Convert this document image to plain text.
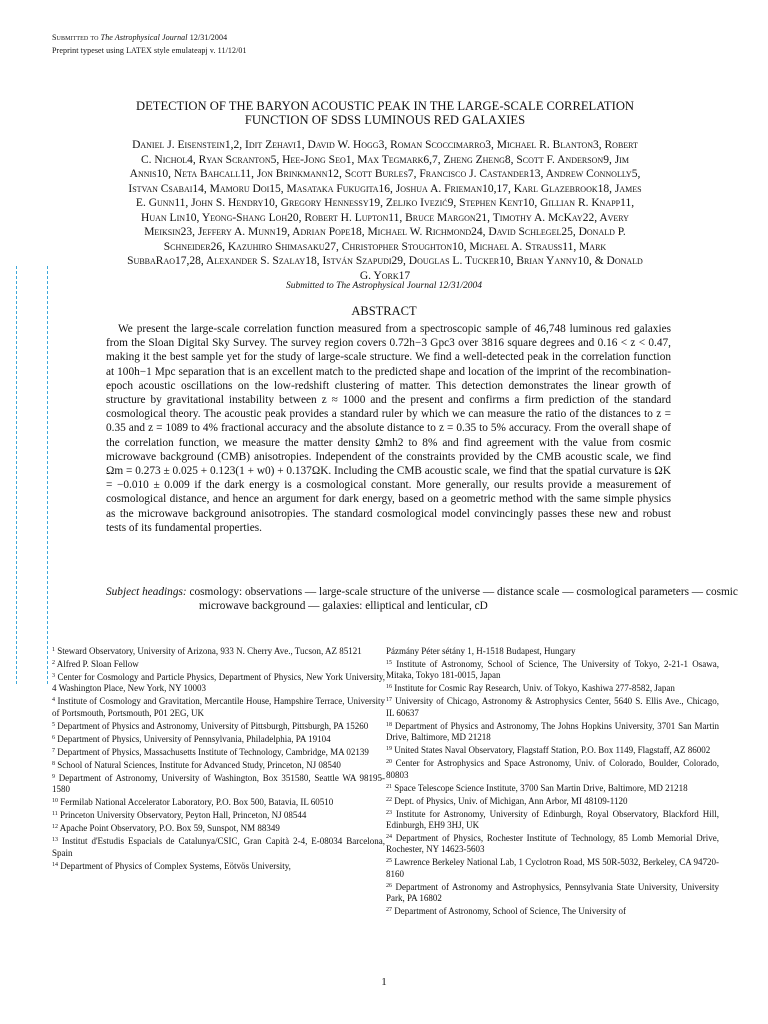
Submitted to The Astrophysical Journal 12/31/2004
Preprint typeset using LATEX style emulateapj v. 11/12/01
DETECTION OF THE BARYON ACOUSTIC PEAK IN THE LARGE-SCALE CORRELATION FUNCTION OF SDSS LUMINOUS RED GALAXIES
Daniel J. Eisenstein1,2, Idit Zehavi1, David W. Hogg3, Roman Scoccimarro3, Michael R. Blanton3, Robert C. Nichol4, Ryan Scranton5, Hee-Jong Seo1, Max Tegmark6,7, Zheng Zheng8, Scott F. Anderson9, Jim Annis10, Neta Bahcall11, Jon Brinkmann12, Scott Burles7, Francisco J. Castander13, Andrew Connolly5, Istvan Csabai14, Mamoru Doi15, Masataka Fukugita16, Joshua A. Frieman10,17, Karl Glazebrook18, James E. Gunn11, John S. Hendry10, Gregory Hennessy19, Zeljko Ivezić9, Stephen Kent10, Gillian R. Knapp11, Huan Lin10, Yeong-Shang Loh20, Robert H. Lupton11, Bruce Margon21, Timothy A. McKay22, Avery Meiksin23, Jeffery A. Munn19, Adrian Pope18, Michael W. Richmond24, David Schlegel25, Donald P. Schneider26, Kazuhiro Shimasaku27, Christopher Stoughton10, Michael A. Strauss11, Mark SubbaRao17,28, Alexander S. Szalay18, István Szapudi29, Douglas L. Tucker10, Brian Yanny10, & Donald G. York17
Submitted to The Astrophysical Journal 12/31/2004
ABSTRACT
We present the large-scale correlation function measured from a spectroscopic sample of 46,748 luminous red galaxies from the Sloan Digital Sky Survey. The survey region covers 0.72h−3 Gpc3 over 3816 square degrees and 0.16 < z < 0.47, making it the best sample yet for the study of large-scale structure. We find a well-detected peak in the correlation function at 100h−1 Mpc separation that is an excellent match to the predicted shape and location of the imprint of the recombination-epoch acoustic oscillations on the low-redshift clustering of matter. This detection demonstrates the linear growth of structure by gravitational instability between z ≈ 1000 and the present and confirms a firm prediction of the standard cosmological theory. The acoustic peak provides a standard ruler by which we can measure the ratio of the distances to z = 0.35 and z = 1089 to 4% fractional accuracy and the absolute distance to z = 0.35 to 5% accuracy. From the overall shape of the correlation function, we measure the matter density Ωmh2 to 8% and find agreement with the value from cosmic microwave background (CMB) anisotropies. Independent of the constraints provided by the CMB acoustic scale, we find Ωm = 0.273 ± 0.025 + 0.123(1 + w0) + 0.137ΩK. Including the CMB acoustic scale, we find that the spatial curvature is ΩK = −0.010 ± 0.009 if the dark energy is a cosmological constant. More generally, our results provide a measurement of cosmological distance, and hence an argument for dark energy, based on a geometric method with the same simple physics as the microwave background anisotropies. The standard cosmological model convincingly passes these new and robust tests of its fundamental properties.
Subject headings: cosmology: observations — large-scale structure of the universe — distance scale — cosmological parameters — cosmic microwave background — galaxies: elliptical and lenticular, cD
$^1$ Steward Observatory, University of Arizona, 933 N. Cherry Ave., Tucson, AZ 85121
$^2$ Alfred P. Sloan Fellow
$^3$ Center for Cosmology and Particle Physics, Department of Physics, New York University, 4 Washington Place, New York, NY 10003
$^4$ Institute of Cosmology and Gravitation, Mercantile House, Hampshire Terrace, University of Portsmouth, Portsmouth, P01 2EG, UK
$^5$ Department of Physics and Astronomy, University of Pittsburgh, Pittsburgh, PA 15260
$^6$ Department of Physics, University of Pennsylvania, Philadelphia, PA 19104
$^7$ Department of Physics, Massachusetts Institute of Technology, Cambridge, MA 02139
$^8$ School of Natural Sciences, Institute for Advanced Study, Princeton, NJ 08540
$^9$ Department of Astronomy, University of Washington, Box 351580, Seattle WA 98195-1580
$^{10}$ Fermilab National Accelerator Laboratory, P.O. Box 500, Batavia, IL 60510
$^{11}$ Princeton University Observatory, Peyton Hall, Princeton, NJ 08544
$^{12}$ Apache Point Observatory, P.O. Box 59, Sunspot, NM 88349
$^{13}$ Institut d'Estudis Espacials de Catalunya/CSIC, Gran Capità 2-4, E-08034 Barcelona, Spain
$^{14}$ Department of Physics of Complex Systems, Eötvös University,
Pázmány Péter sétány 1, H-1518 Budapest, Hungary
$^{15}$ Institute of Astronomy, School of Science, The University of Tokyo, 2-21-1 Osawa, Mitaka, Tokyo 181-0015, Japan
$^{16}$ Institute for Cosmic Ray Research, Univ. of Tokyo, Kashiwa 277-8582, Japan
$^{17}$ University of Chicago, Astronomy & Astrophysics Center, 5640 S. Ellis Ave., Chicago, IL 60637
$^{18}$ Department of Physics and Astronomy, The Johns Hopkins University, 3701 San Martin Drive, Baltimore, MD 21218
$^{19}$ United States Naval Observatory, Flagstaff Station, P.O. Box 1149, Flagstaff, AZ 86002
$^{20}$ Center for Astrophysics and Space Astronomy, Univ. of Colorado, Boulder, Colorado, 80803
$^{21}$ Space Telescope Science Institute, 3700 San Martin Drive, Baltimore, MD 21218
$^{22}$ Dept. of Physics, Univ. of Michigan, Ann Arbor, MI 48109-1120
$^{23}$ Institute for Astronomy, University of Edinburgh, Royal Observatory, Blackford Hill, Edinburgh, EH9 3HJ, UK
$^{24}$ Department of Physics, Rochester Institute of Technology, 85 Lomb Memorial Drive, Rochester, NY 14623-5603
$^{25}$ Lawrence Berkeley National Lab, 1 Cyclotron Road, MS 50R-5032, Berkeley, CA 94720-8160
$^{26}$ Department of Astronomy and Astrophysics, Pennsylvania State University, University Park, PA 16802
$^{27}$ Department of Astronomy, School of Science, The University of
1
